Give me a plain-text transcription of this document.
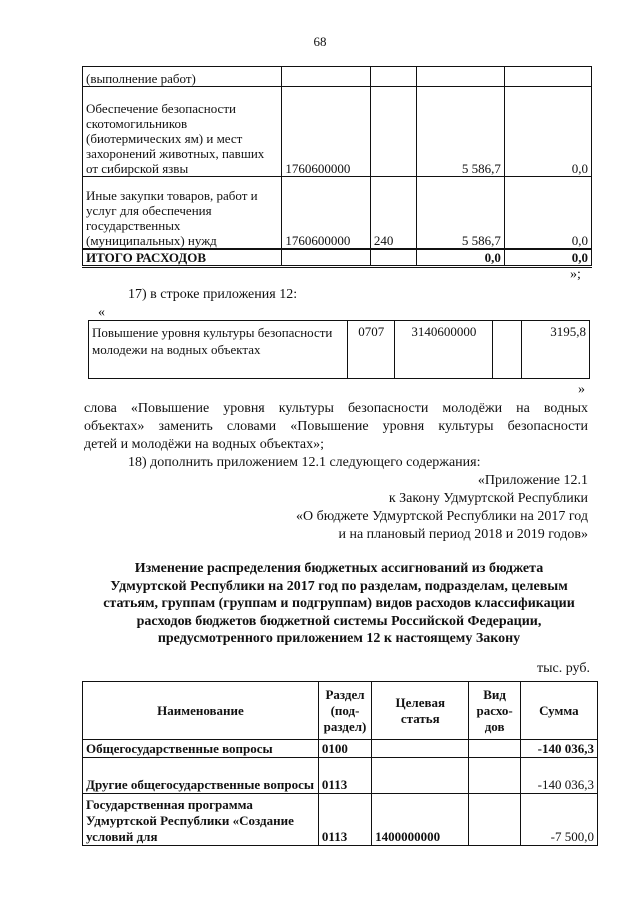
68
(выполнение работ)				
Обеспечение безопасности скотомогильников (биотермических ям) и мест захоронений животных, павших от сибирской язвы	1760600000		5 586,7	0,0
Иные закупки товаров, работ и услуг для обеспечения государственных (муниципальных) нужд	1760600000	240	5 586,7	0,0
ИТОГО РАСХОДОВ			0,0	0,0
»;
17) в строке приложения 12:
«
Повышение уровня культуры безопасности молодежи на водных объектах	0707	3140600000		3195,8
»
слова «Повышение уровня культуры безопасности молодёжи на водных
объектах» заменить словами «Повышение уровня культуры безопасности
детей и молодёжи на водных объектах»;
18) дополнить приложением 12.1 следующего содержания:
«Приложение 12.1
к Закону Удмуртской Республики
«О бюджете Удмуртской Республики на 2017 год
и на плановый период 2018 и 2019 годов»
Изменение распределения бюджетных ассигнований из бюджета
Удмуртской Республики на 2017 год по разделам, подразделам, целевым
статьям, группам (группам и подгруппам) видов расходов классификации
расходов бюджетов бюджетной системы Российской Федерации,
предусмотренного приложением 12 к настоящему Закону
тыс. руб.
Наименование	Раздел (под-раздел)	Целевая статья	Вид расхо-дов	Сумма
Общегосударственные вопросы	0100			-140 036,3
Другие общегосударственные вопросы	0113			-140 036,3
Государственная программа Удмуртской Республики «Создание условий для	0113	1400000000		-7 500,0
